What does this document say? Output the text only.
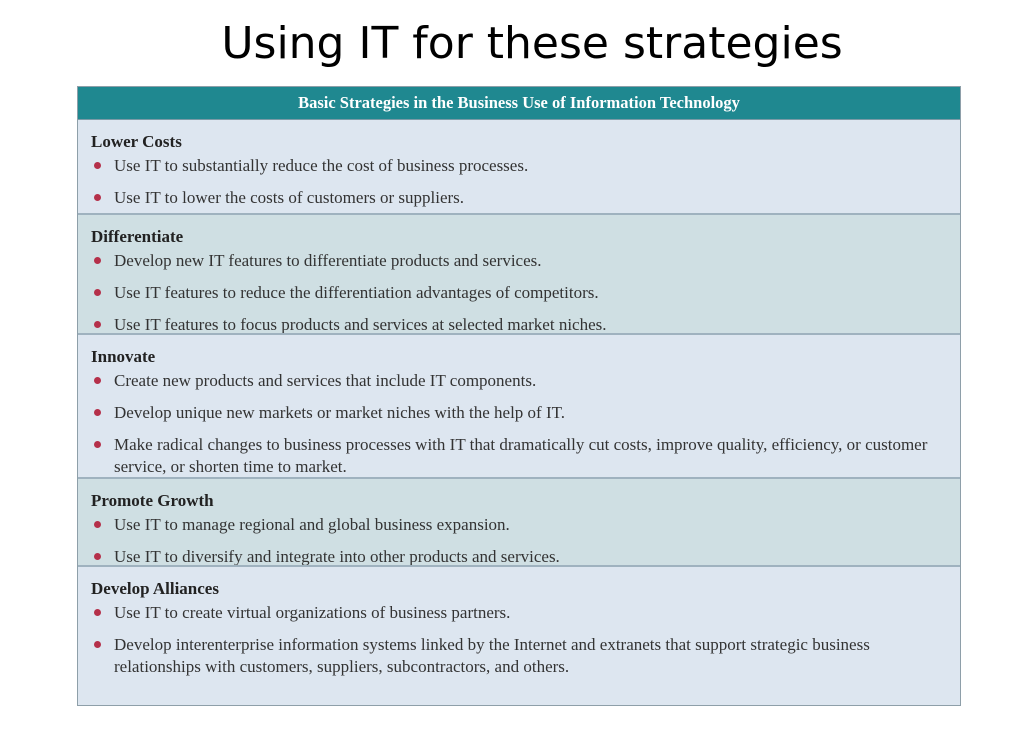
Using IT for these strategies
Basic Strategies in the Business Use of Information Technology
Lower Costs
Use IT to substantially reduce the cost of business processes.
Use IT to lower the costs of customers or suppliers.
Differentiate
Develop new IT features to differentiate products and services.
Use IT features to reduce the differentiation advantages of competitors.
Use IT features to focus products and services at selected market niches.
Innovate
Create new products and services that include IT components.
Develop unique new markets or market niches with the help of IT.
Make radical changes to business processes with IT that dramatically cut costs, improve quality, efficiency, or customer service, or shorten time to market.
Promote Growth
Use IT to manage regional and global business expansion.
Use IT to diversify and integrate into other products and services.
Develop Alliances
Use IT to create virtual organizations of business partners.
Develop interenterprise information systems linked by the Internet and extranets that support strategic business relationships with customers, suppliers, subcontractors, and others.
